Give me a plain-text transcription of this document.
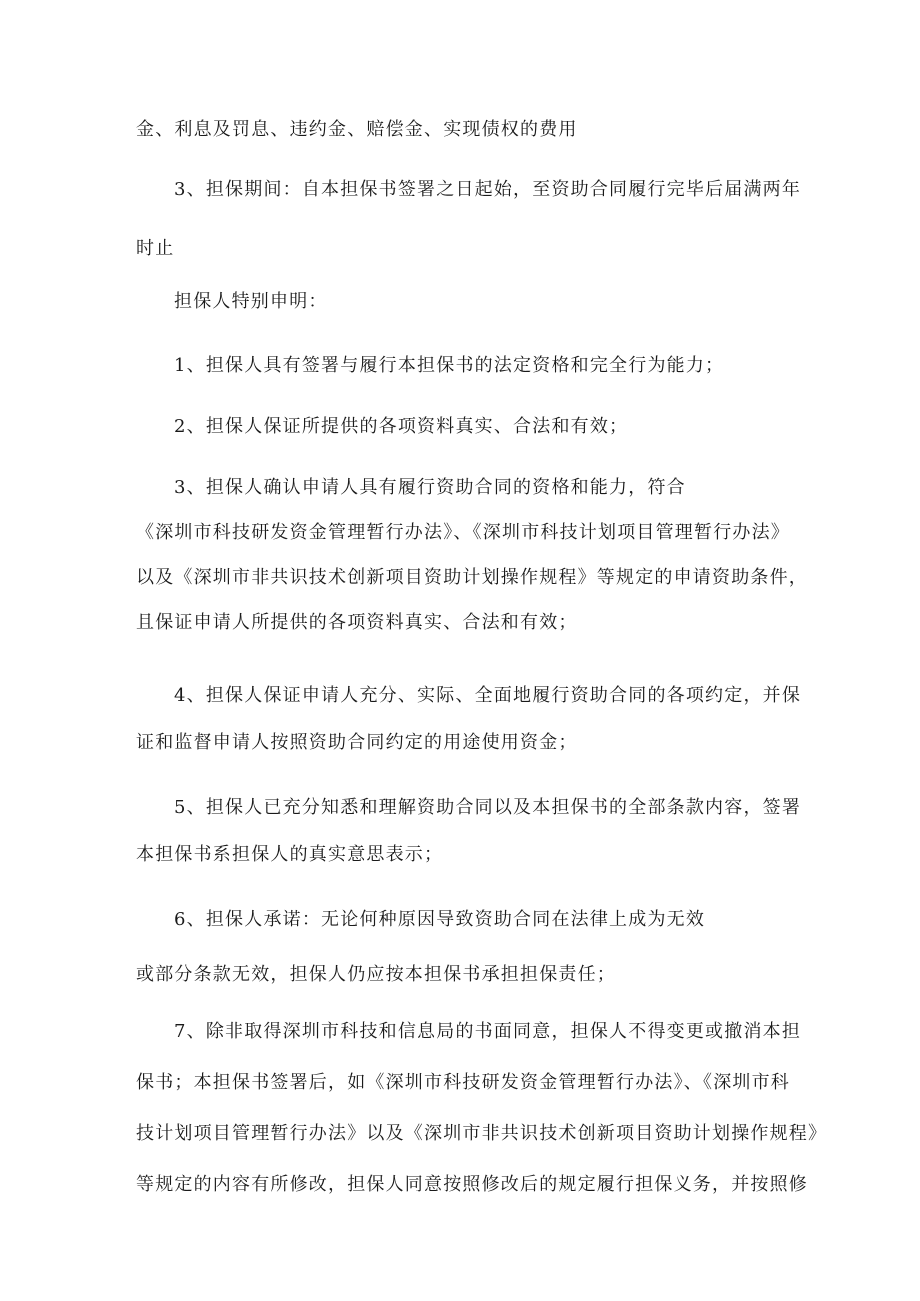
金、利息及罚息、违约金、赔偿金、实现债权的费用

3、担保期间：自本担保书签署之日起始，至资助合同履行完毕后届满两年
时止

担保人特别申明：

1、担保人具有签署与履行本担保书的法定资格和完全行为能力；

2、担保人保证所提供的各项资料真实、合法和有效；

3、担保人确认申请人具有履行资助合同的资格和能力，符合
《深圳市科技研发资金管理暂行办法》、《深圳市科技计划项目管理暂行办法》
以及《深圳市非共识技术创新项目资助计划操作规程》等规定的申请资助条件，
且保证申请人所提供的各项资料真实、合法和有效；

4、担保人保证申请人充分、实际、全面地履行资助合同的各项约定，并保
证和监督申请人按照资助合同约定的用途使用资金；

5、担保人已充分知悉和理解资助合同以及本担保书的全部条款内容，签署
本担保书系担保人的真实意思表示；

6、担保人承诺：无论何种原因导致资助合同在法律上成为无效
或部分条款无效，担保人仍应按本担保书承担担保责任；

7、除非取得深圳市科技和信息局的书面同意，担保人不得变更或撤消本担
保书；本担保书签署后，如《深圳市科技研发资金管理暂行办法》、《深圳市科
技计划项目管理暂行办法》以及《深圳市非共识技术创新项目资助计划操作规程》
等规定的内容有所修改，担保人同意按照修改后的规定履行担保义务，并按照修
